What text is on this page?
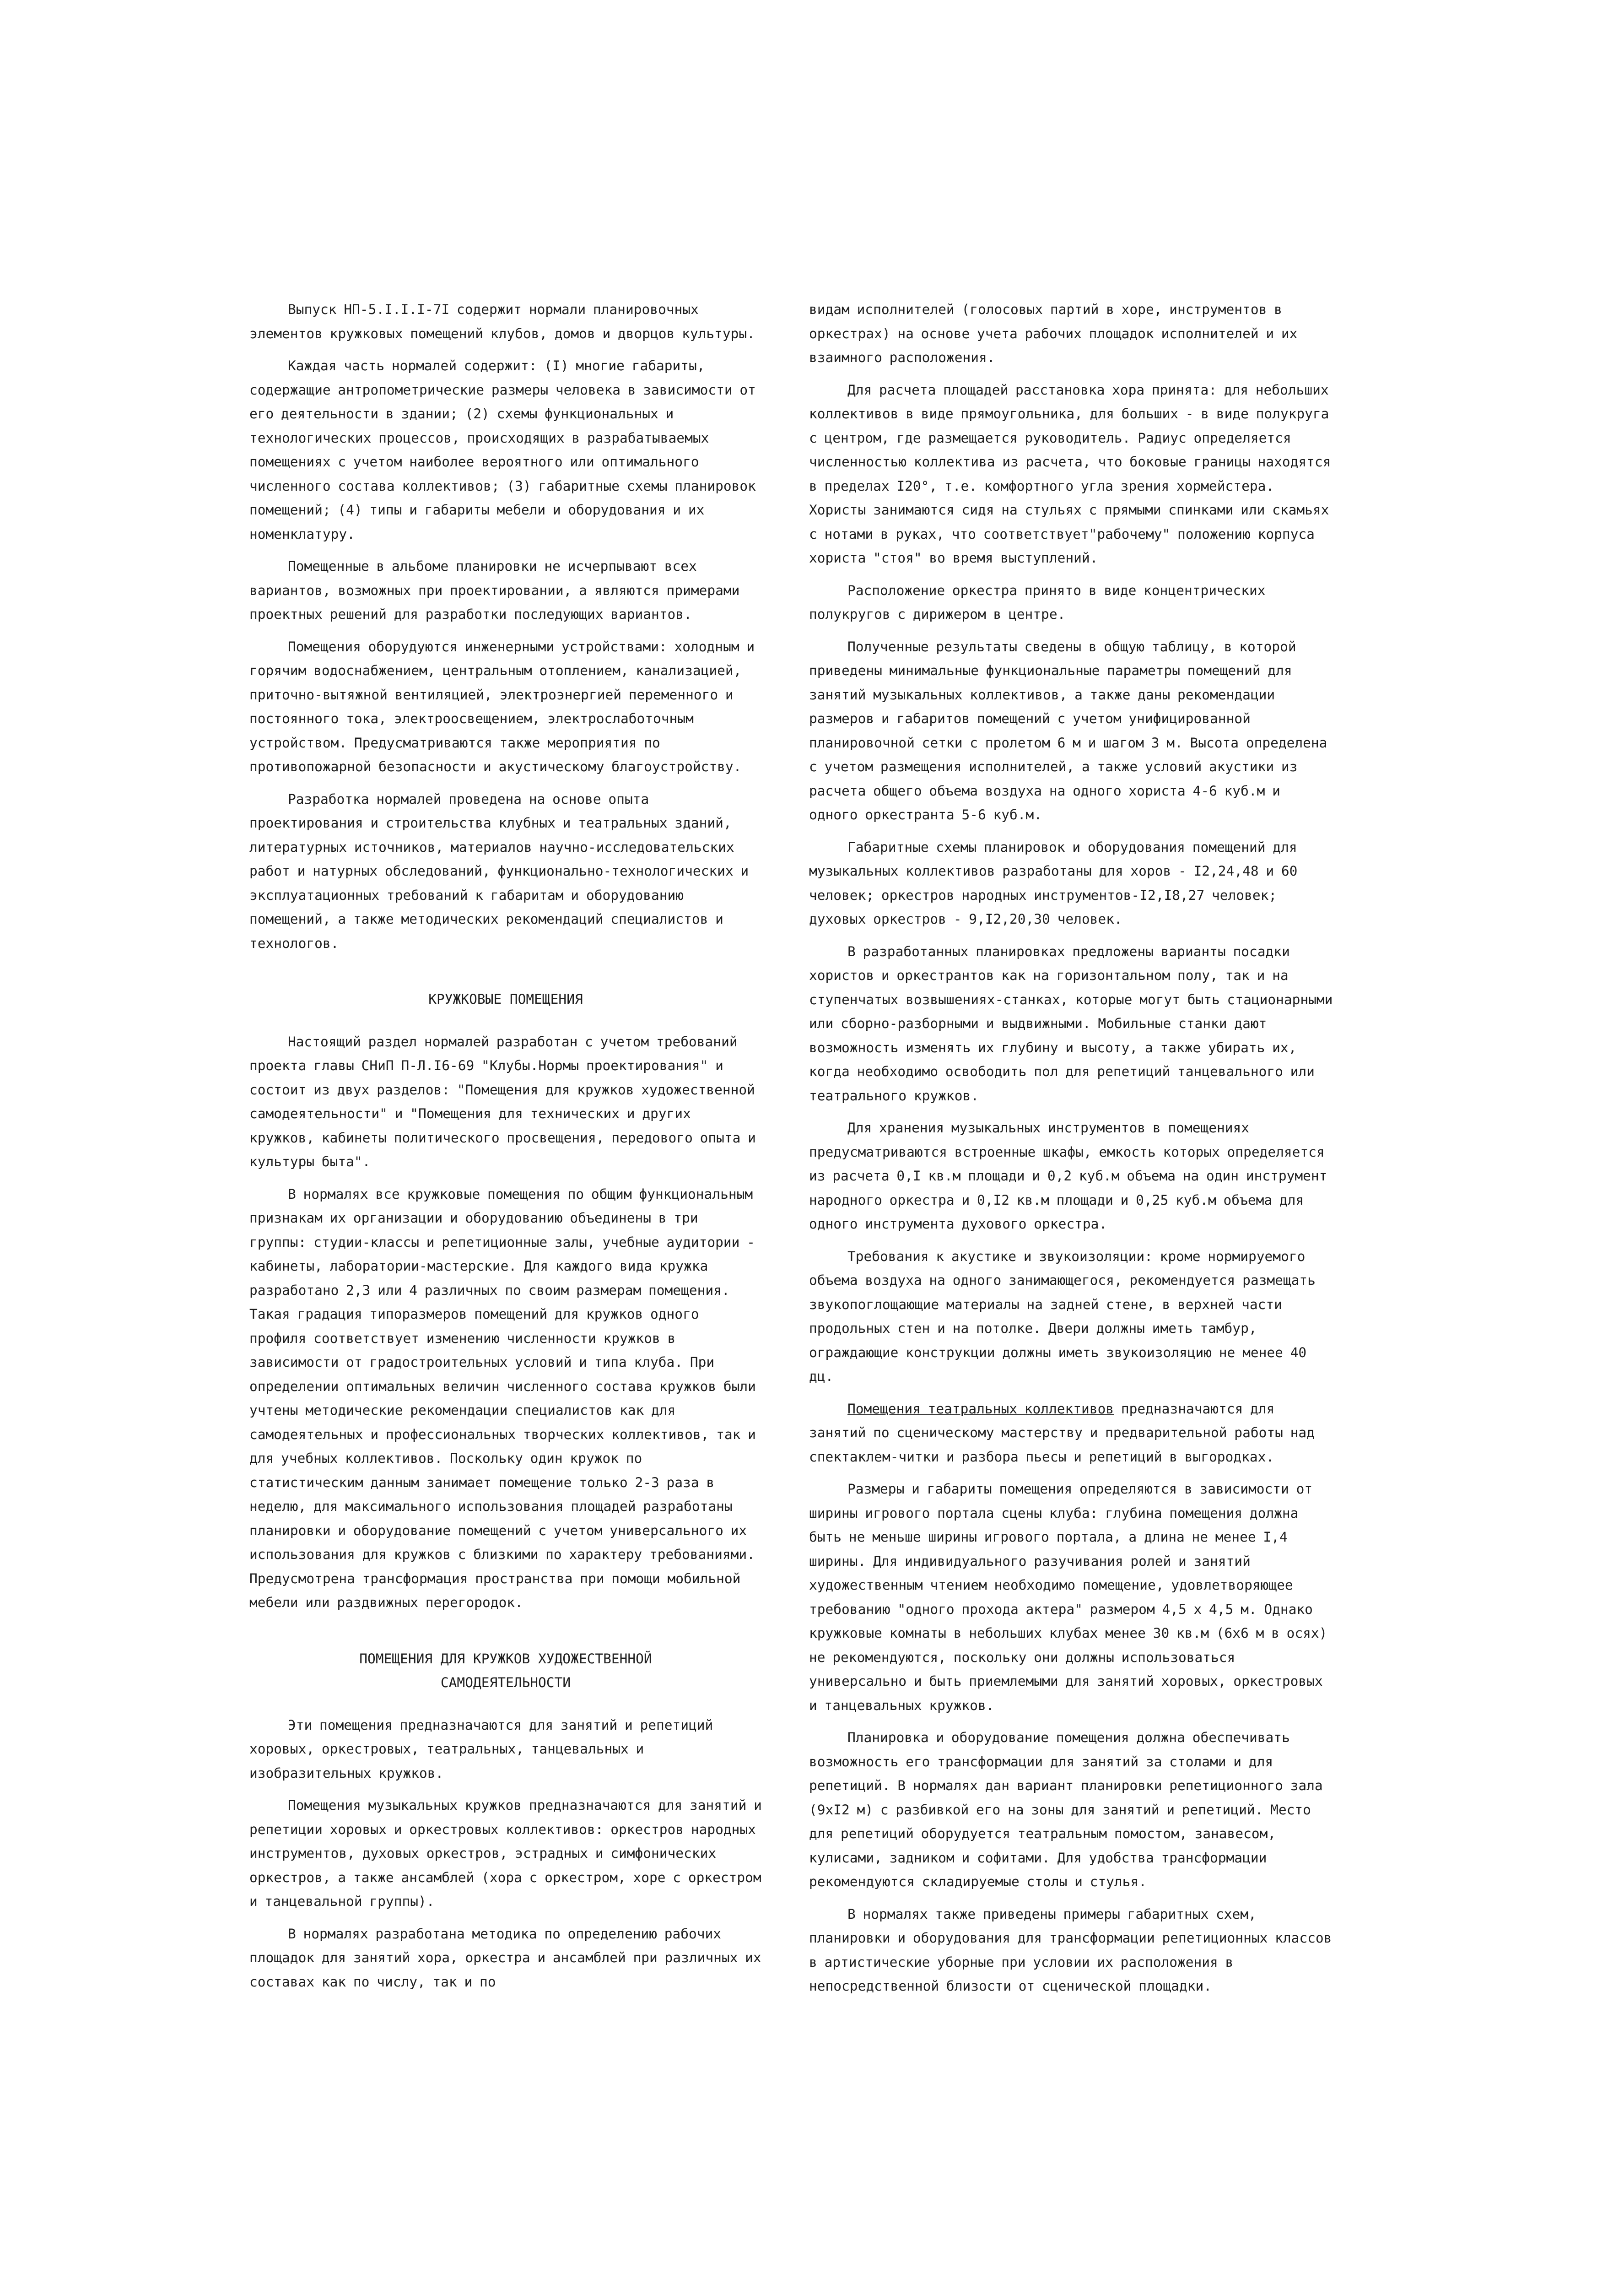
Выпуск НП-5.I.I.I-7I содержит нормали планировочных элементов кружковых помещений клубов, домов и дворцов культуры.

Каждая часть нормалей содержит: (I) многие габариты, содержащие антропометрические размеры человека в зависимости от его деятельности в здании; (2) схемы функциональных и технологических процессов, происходящих в разрабатываемых помещениях с учетом наиболее вероятного или оптимального численного состава коллективов; (3) габаритные схемы планировок помещений; (4) типы и габариты мебели и оборудования и их номенклатуру.

Помещенные в альбоме планировки не исчерпывают всех вариантов, возможных при проектировании, а являются примерами проектных решений для разработки последующих вариантов.

Помещения оборудуются инженерными устройствами: холодным и горячим водоснабжением, центральным отоплением, канализацией, приточно-вытяжной вентиляцией, электроэнергией переменного и постоянного тока, электроосвещением, электрослаботочным устройством. Предусматриваются также мероприятия по противопожарной безопасности и акустическому благоустройству.

Разработка нормалей проведена на основе опыта проектирования и строительства клубных и театральных зданий, литературных источников, материалов научно-исследовательских работ и натурных обследований, функционально-технологических и эксплуатационных требований к габаритам и оборудованию помещений, а также методических рекомендаций специалистов и технологов.

КРУЖКОВЫЕ ПОМЕЩЕНИЯ

Настоящий раздел нормалей разработан с учетом требований проекта главы СНиП П-Л.I6-69 "Клубы.Нормы проектирования" и состоит из двух разделов: "Помещения для кружков художественной самодеятельности" и "Помещения для технических и других кружков, кабинеты политического просвещения, передового опыта и культуры быта".

В нормалях все кружковые помещения по общим функциональным признакам их организации и оборудованию объединены в три группы: студии-классы и репетиционные залы, учебные аудитории - кабинеты, лаборатории-мастерские. Для каждого вида кружка разработано 2,3 или 4 различных по своим размерам помещения. Такая градация типоразмеров помещений для кружков одного профиля соответствует изменению численности кружков в зависимости от градостроительных условий и типа клуба. При определении оптимальных величин численного состава кружков были учтены методические рекомендации специалистов как для самодеятельных и профессиональных творческих коллективов, так и для учебных коллективов. Поскольку один кружок по статистическим данным занимает помещение только 2-3 раза в неделю, для максимального использования площадей разработаны планировки и оборудование помещений с учетом универсального их использования для кружков с близкими по характеру требованиями. Предусмотрена трансформация пространства при помощи мобильной мебели или раздвижных перегородок.

ПОМЕЩЕНИЯ ДЛЯ КРУЖКОВ ХУДОЖЕСТВЕННОЙ
САМОДЕЯТЕЛЬНОСТИ

Эти помещения предназначаются для занятий и репетиций хоровых, оркестровых, театральных, танцевальных и изобразительных кружков.

Помещения музыкальных кружков предназначаются для занятий и репетиции хоровых и оркестровых коллективов: оркестров народных инструментов, духовых оркестров, эстрадных и симфонических оркестров, а также ансамблей (хора с оркестром, хоре с оркестром и танцевальной группы).

В нормалях разработана методика по определению рабочих площадок для занятий хора, оркестра и ансамблей при различных их составах как по числу, так и по

видам исполнителей (голосовых партий в хоре, инструментов в оркестрах) на основе учета рабочих площадок исполнителей и их взаимного расположения.

Для расчета площадей расстановка хора принята: для небольших коллективов в виде прямоугольника, для больших - в виде полукруга с центром, где размещается руководитель. Радиус определяется численностью коллектива из расчета, что боковые границы находятся в пределах I20°, т.е. комфортного угла зрения хормейстера. Хористы занимаются сидя на стульях с прямыми спинками или скамьях с нотами в руках, что соответствует"рабочему" положению корпуса хориста "стоя" во время выступлений.

Расположение оркестра принято в виде концентрических полукругов с дирижером в центре.

Полученные результаты сведены в общую таблицу, в которой приведены минимальные функциональные параметры помещений для занятий музыкальных коллективов, а также даны рекомендации размеров и габаритов помещений с учетом унифицированной планировочной сетки с пролетом 6 м и шагом 3 м. Высота определена с учетом размещения исполнителей, а также условий акустики из расчета общего объема воздуха на одного хориста 4-6 куб.м и одного оркестранта 5-6 куб.м.

Габаритные схемы планировок и оборудования помещений для музыкальных коллективов разработаны для хоров - I2,24,48 и 60 человек; оркестров народных инструментов-I2,I8,27 человек; духовых оркестров - 9,I2,20,30 человек.

В разработанных планировках предложены варианты посадки хористов и оркестрантов как на горизонтальном полу, так и на ступенчатых возвышениях-станках, которые могут быть стационарными или сборно-разборными и выдвижными. Мобильные станки дают возможность изменять их глубину и высоту, а также убирать их, когда необходимо освободить пол для репетиций танцевального или театрального кружков.

Для хранения музыкальных инструментов в помещениях предусматриваются встроенные шкафы, емкость которых определяется из расчета 0,I кв.м площади и 0,2 куб.м объема на один инструмент народного оркестра и 0,I2 кв.м площади и 0,25 куб.м объема для одного инструмента духового оркестра.

Требования к акустике и звукоизоляции: кроме нормируемого объема воздуха на одного занимающегося, рекомендуется размещать звукопоглощающие материалы на задней стене, в верхней части продольных стен и на потолке. Двери должны иметь тамбур, ограждающие конструкции должны иметь звукоизоляцию не менее 40 дц.

Помещения театральных коллективов предназначаются для занятий по сценическому мастерству и предварительной работы над спектаклем-читки и разбора пьесы и репетиций в выгородках.

Размеры и габариты помещения определяются в зависимости от ширины игрового портала сцены клуба: глубина помещения должна быть не меньше ширины игрового портала, а длина не менее I,4 ширины. Для индивидуального разучивания ролей и занятий художественным чтением необходимо помещение, удовлетворяющее требованию "одного прохода актера" размером 4,5 х 4,5 м. Однако кружковые комнаты в небольших клубах менее 30 кв.м (6х6 м в осях) не рекомендуются, поскольку они должны использоваться универсально и быть приемлемыми для занятий хоровых, оркестровых и танцевальных кружков.

Планировка и оборудование помещения должна обеспечивать возможность его трансформации для занятий за столами и для репетиций. В нормалях дан вариант планировки репетиционного зала (9хI2 м) с разбивкой его на зоны для занятий и репетиций. Место для репетиций оборудуется театральным помостом, занавесом, кулисами, задником и софитами. Для удобства трансформации рекомендуются складируемые столы и стулья.

В нормалях также приведены примеры габаритных схем, планировки и оборудования для трансформации репетиционных классов в артистические уборные при условии их расположения в непосредственной близости от сценической площадки.
